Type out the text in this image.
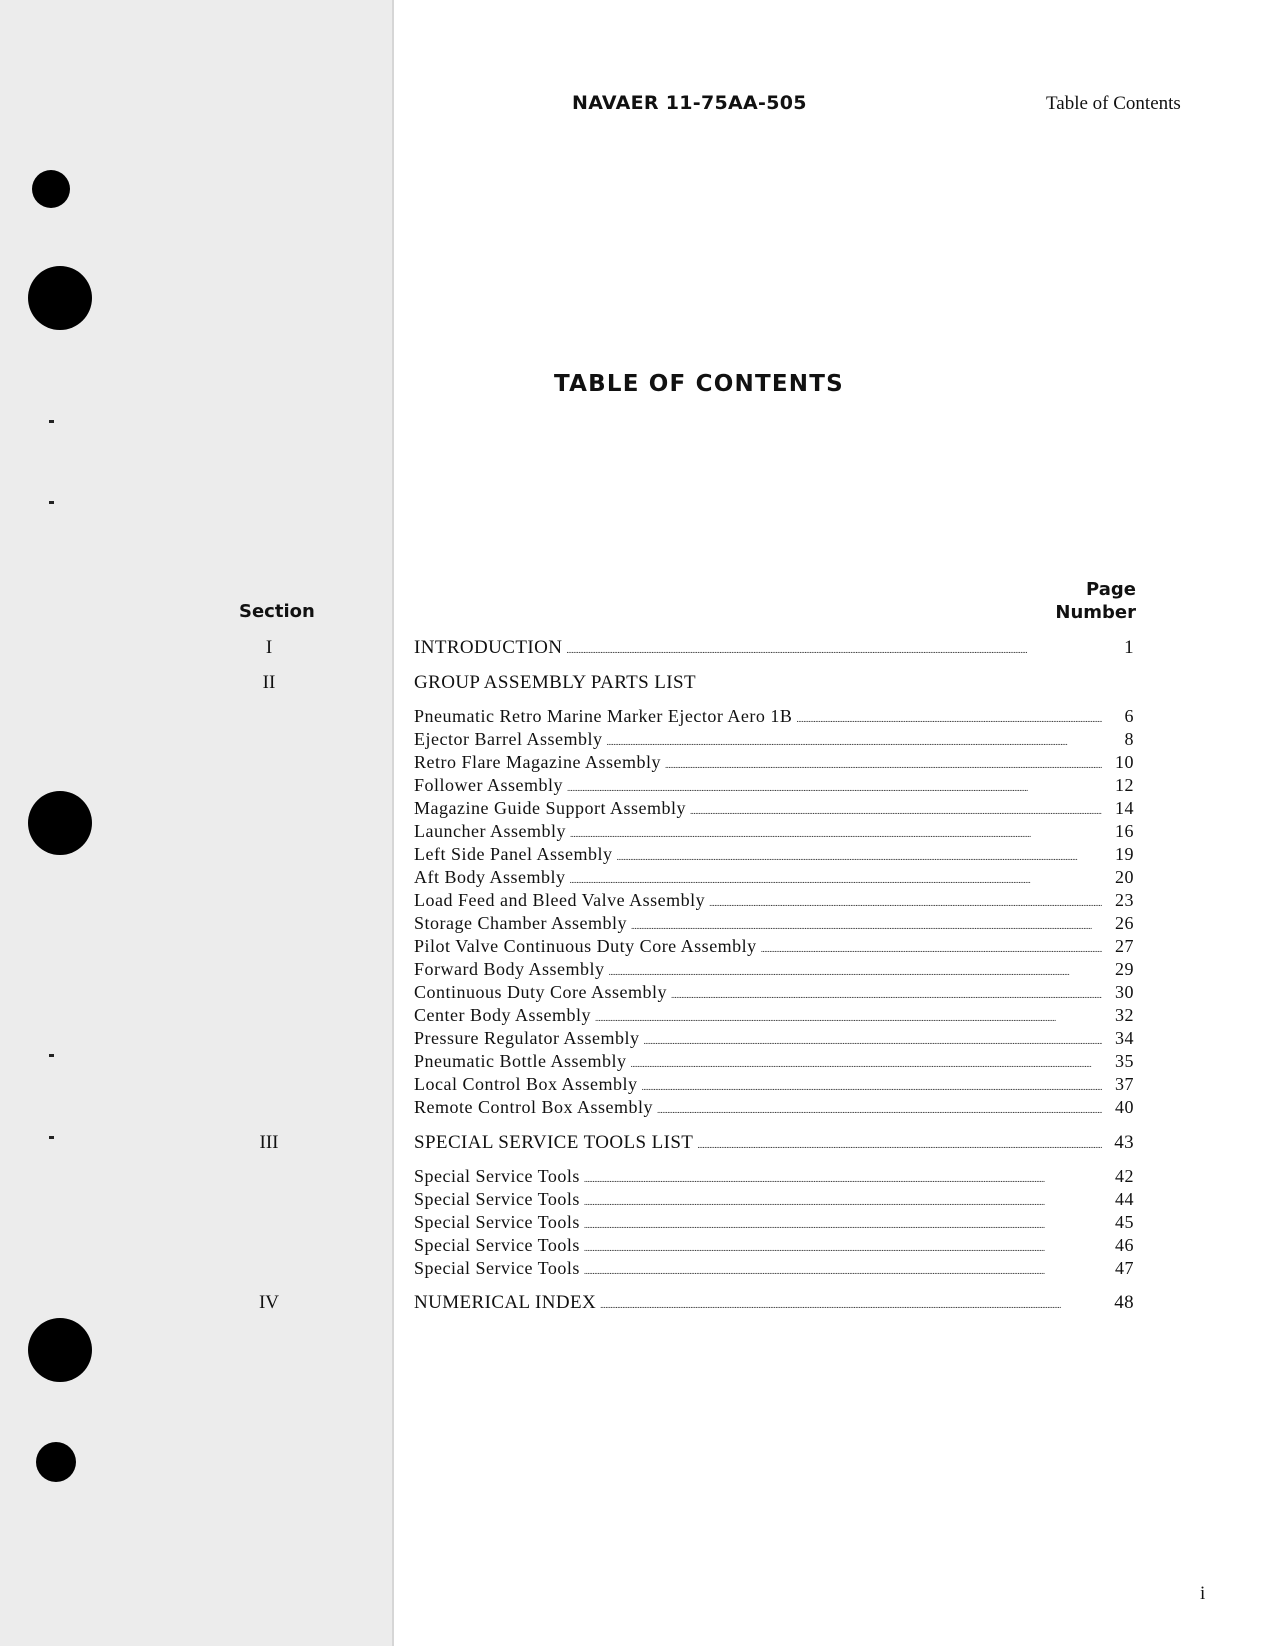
NAVAER 11-75AA-505	Table of Contents
TABLE OF CONTENTS
Section
Page
Number
I	INTRODUCTION . . .	1
II	GROUP ASSEMBLY PARTS LIST
Pneumatic Retro Marine Marker Ejector Aero 1B . . .	6
Ejector Barrel Assembly . . .	8
Retro Flare Magazine Assembly . . .	10
Follower Assembly . . .	12
Magazine Guide Support Assembly . . .	14
Launcher Assembly . . .	16
Left Side Panel Assembly . . .	19
Aft Body Assembly . . .	20
Load Feed and Bleed Valve Assembly . . .	23
Storage Chamber Assembly . . .	26
Pilot Valve Continuous Duty Core Assembly . . .	27
Forward Body Assembly . . .	29
Continuous Duty Core Assembly . . .	30
Center Body Assembly . . .	32
Pressure Regulator Assembly . . .	34
Pneumatic Bottle Assembly . . .	35
Local Control Box Assembly . . .	37
Remote Control Box Assembly . . .	40
III	SPECIAL SERVICE TOOLS LIST . . .	43
Special Service Tools . . .	42
Special Service Tools . . .	44
Special Service Tools . . .	45
Special Service Tools . . .	46
Special Service Tools . . .	47
IV	NUMERICAL INDEX . . .	48
i
